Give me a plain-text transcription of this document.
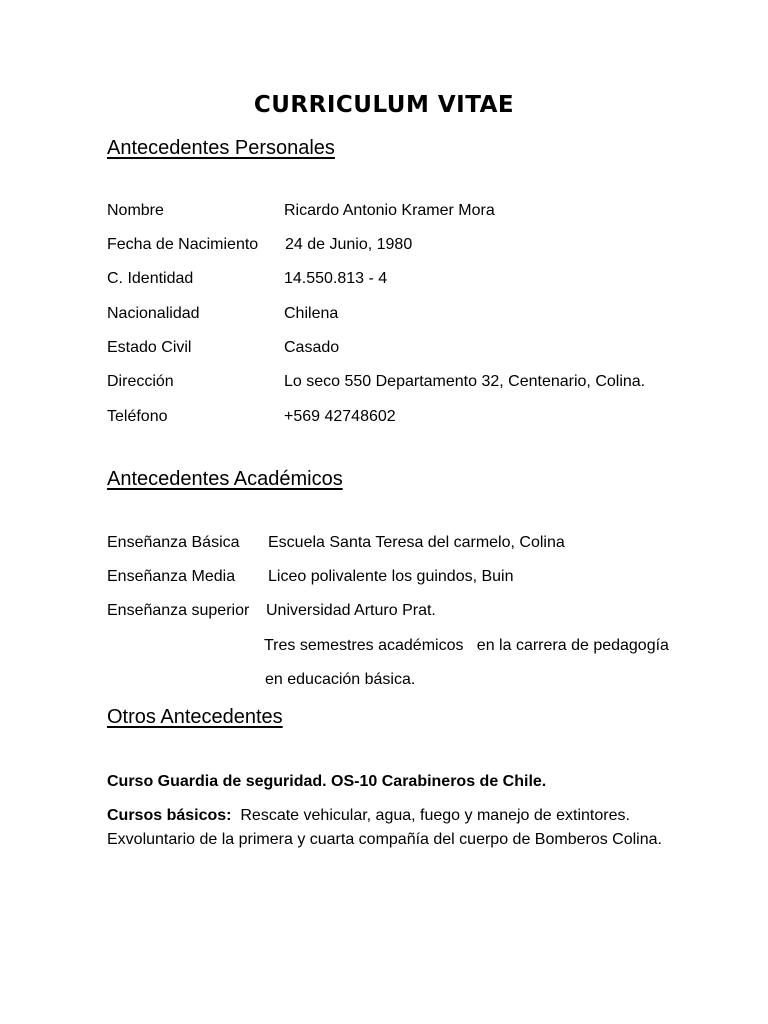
CURRICULUM VITAE
Antecedentes Personales
Nombre	Ricardo Antonio Kramer Mora
Fecha de Nacimiento 24 de Junio, 1980
C. Identidad	14.550.813 - 4
Nacionalidad	Chilena
Estado Civil	Casado
Dirección	Lo seco 550 Departamento 32, Centenario, Colina.
Teléfono	+569 42748602
Antecedentes Académicos
Enseñanza Básica Escuela Santa Teresa del carmelo, Colina
Enseñanza Media Liceo polivalente los guindos, Buin
Enseñanza superior Universidad Arturo Prat.
Tres semestres académicos   en la carrera de pedagogía
en educación básica.
Otros Antecedentes
Curso Guardia de seguridad. OS-10 Carabineros de Chile.
Cursos básicos: Rescate vehicular, agua, fuego y manejo de extintores.
Exvoluntario de la primera y cuarta compañía del cuerpo de Bomberos Colina.
